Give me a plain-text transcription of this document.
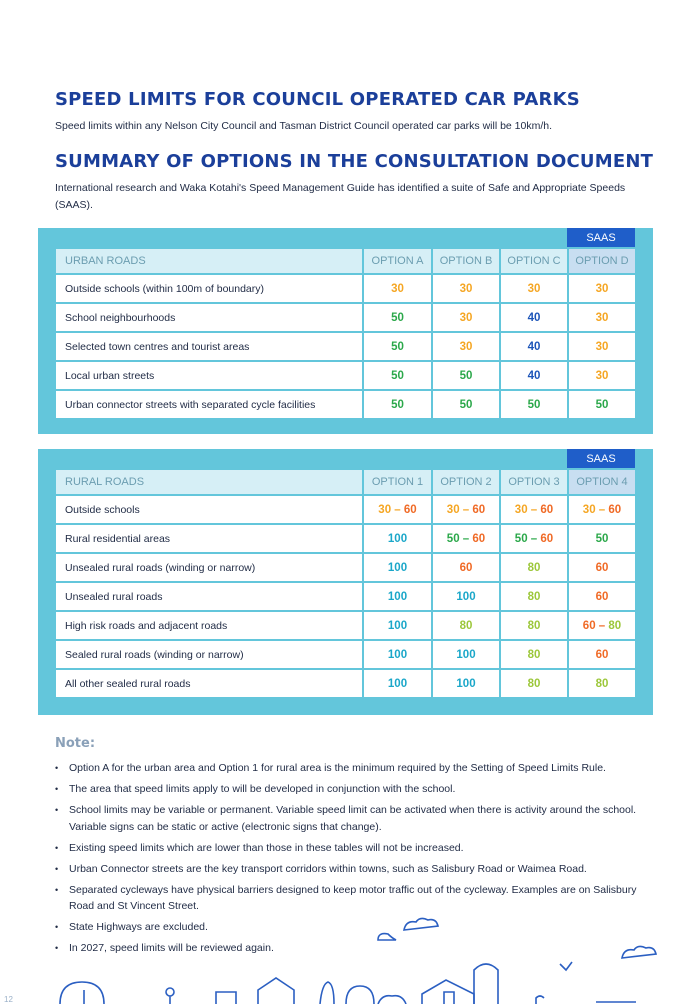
SPEED LIMITS FOR COUNCIL OPERATED CAR PARKS

Speed limits within any Nelson City Council and Tasman District Council operated car parks will be 10km/h.

SUMMARY OF OPTIONS IN THE CONSULTATION DOCUMENT

International research and Waka Kotahi's Speed Management Guide has identified a suite of Safe and Appropriate Speeds (SAAS).

SAAS
URBAN ROADS	OPTION A	OPTION B	OPTION C	OPTION D
Outside schools (within 100m of boundary)	30	30	30	30
School neighbourhoods	50	30	40	30
Selected town centres and tourist areas	50	30	40	30
Local urban streets	50	50	40	30
Urban connector streets with separated cycle facilities	50	50	50	50
SAAS
RURAL ROADS	OPTION 1	OPTION 2	OPTION 3	OPTION 4
Outside schools	30 – 60	30 – 60	30 – 60	30 – 60
Rural residential areas	100	50 – 60	50 – 60	50
Unsealed rural roads (winding or narrow)	100	60	80	60
Unsealed rural roads	100	100	80	60
High risk roads and adjacent roads	100	80	80	60 – 80
Sealed rural roads (winding or narrow)	100	100	80	60
All other sealed rural roads	100	100	80	80
Note:
• Option A for the urban area and Option 1 for rural area is the minimum required by the Setting of Speed Limits Rule.
• The area that speed limits apply to will be developed in conjunction with the school.
• School limits may be variable or permanent. Variable speed limit can be activated when there is activity around the school. Variable signs can be static or active (electronic signs that change).
• Existing speed limits which are lower than those in these tables will not be increased.
• Urban Connector streets are the key transport corridors within towns, such as Salisbury Road or Waimea Road.
• Separated cycleways have physical barriers designed to keep motor traffic out of the cycleway. Examples are on Salisbury Road and St Vincent Street.
• State Highways are excluded.
• In 2027, speed limits will be reviewed again.
12
